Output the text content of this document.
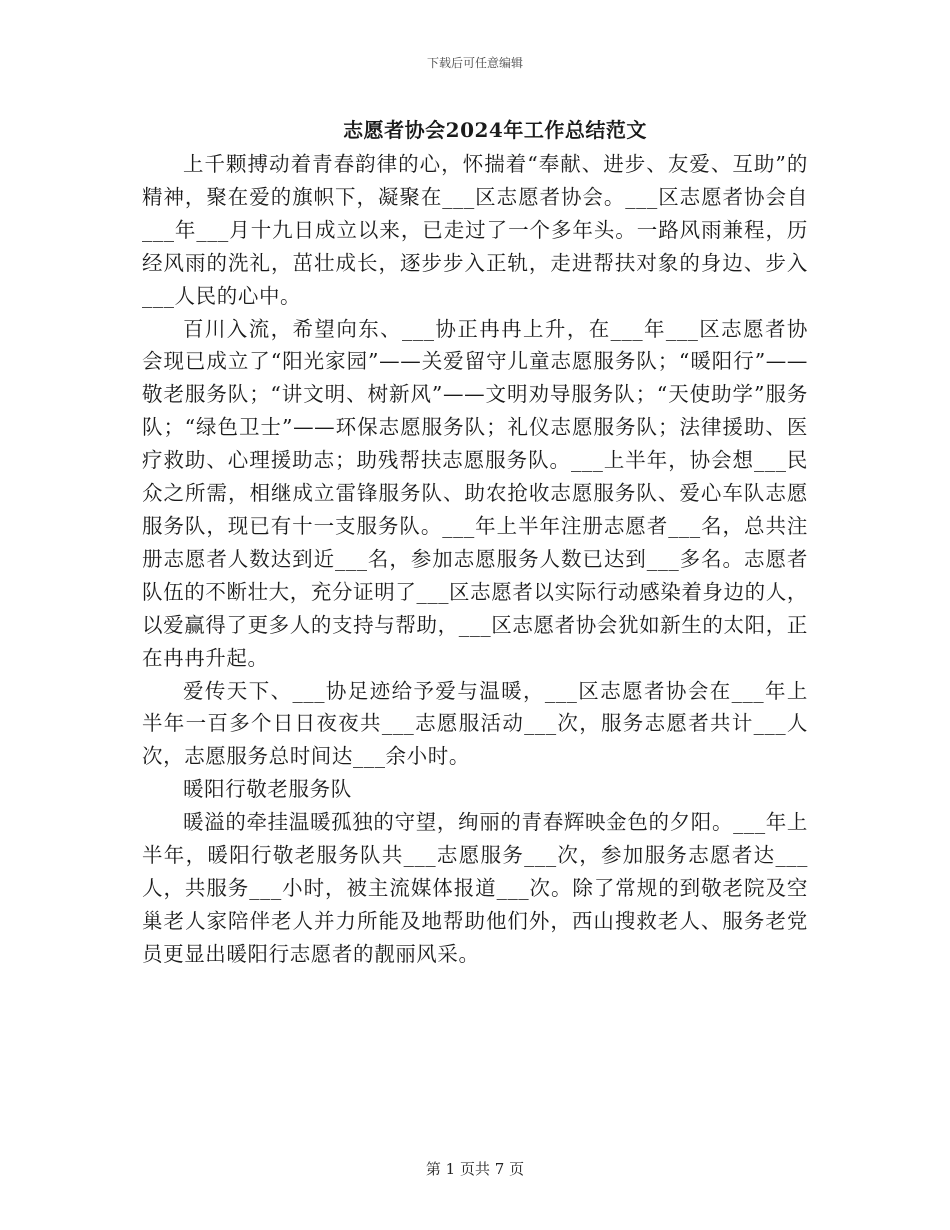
下载后可任意编辑
志愿者协会2024年工作总结范文

上千颗搏动着青春韵律的心，怀揣着“奉献、进步、友爱、互助”的精神，聚在爱的旗帜下，凝聚在___区志愿者协会。___区志愿者协会自___年___月十九日成立以来，已走过了一个多年头。一路风雨兼程，历经风雨的洗礼，茁壮成长，逐步步入正轨，走进帮扶对象的身边、步入___人民的心中。

百川入流，希望向东、___协正冉冉上升，在___年___区志愿者协会现已成立了“阳光家园”——关爱留守儿童志愿服务队；“暖阳行”——敬老服务队；“讲文明、树新风”——文明劝导服务队；“天使助学”服务队；“绿色卫士”——环保志愿服务队；礼仪志愿服务队；法律援助、医疗救助、心理援助志；助残帮扶志愿服务队。___上半年，协会想___民众之所需，相继成立雷锋服务队、助农抢收志愿服务队、爱心车队志愿服务队，现已有十一支服务队。___年上半年注册志愿者___名，总共注册志愿者人数达到近___名，参加志愿服务人数已达到___多名。志愿者队伍的不断壮大，充分证明了___区志愿者以实际行动感染着身边的人，以爱赢得了更多人的支持与帮助，___区志愿者协会犹如新生的太阳，正在冉冉升起。

爱传天下、___协足迹给予爱与温暖，___区志愿者协会在___年上半年一百多个日日夜夜共___志愿服活动___次，服务志愿者共计___人次，志愿服务总时间达___余小时。

暖阳行敬老服务队

暖溢的牵挂温暖孤独的守望，绚丽的青春辉映金色的夕阳。___年上半年，暖阳行敬老服务队共___志愿服务___次，参加服务志愿者达___人，共服务___小时，被主流媒体报道___次。除了常规的到敬老院及空巢老人家陪伴老人并力所能及地帮助他们外，西山搜救老人、服务老党员更显出暖阳行志愿者的靓丽风采。

第 1 页共 7 页
